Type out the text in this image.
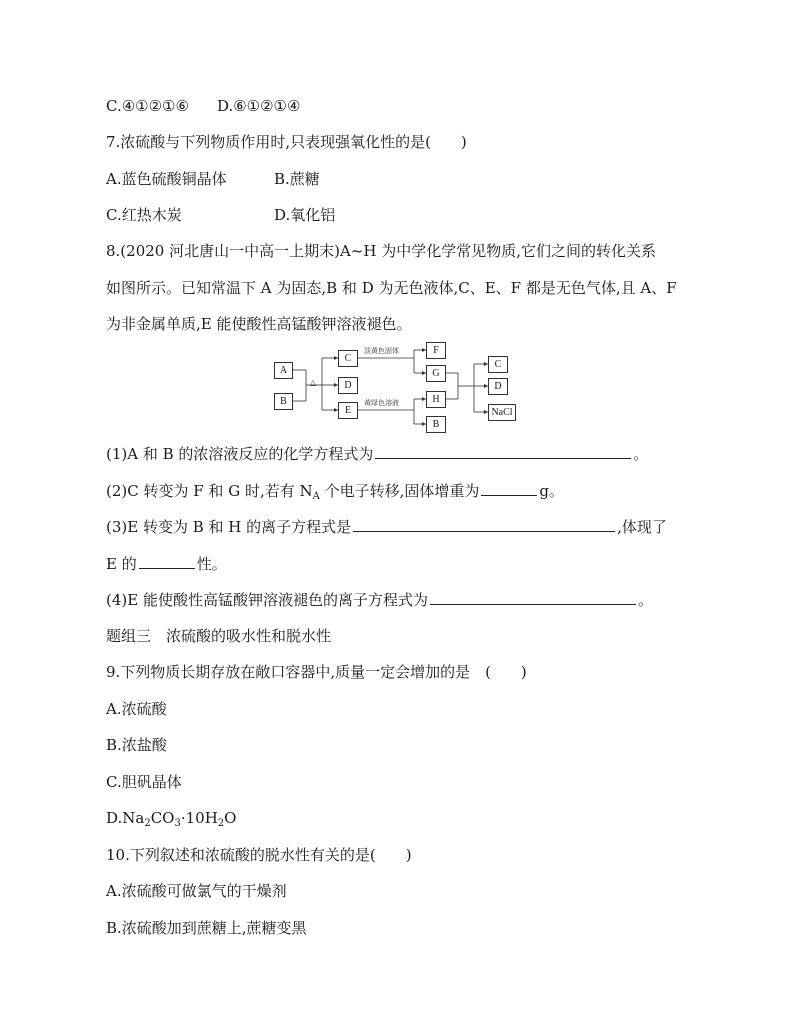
C.④①②①⑥ D.⑥①②①④
7.浓硫酸与下列物质作用时,只表现强氧化性的是(　　)
A.蓝色硫酸铜晶体	B.蔗糖
C.红热木炭	D.氧化铝
8.(2020 河北唐山一中高一上期末)A~H 为中学化学常见物质,它们之间的转化关系
如图所示。已知常温下 A 为固态,B 和 D 为无色液体,C、E、F 都是无色气体,且 A、F
为非金属单质,E 能使酸性高锰酸钾溶液褪色。
A
B
△
C
D
E
淡黄色固体
黄绿色溶液
F
G
H
B
C
D
NaCl
(1)A 和 B 的浓溶液反应的化学方程式为	。
(2)C 转变为 F 和 G 时,若有 $N_A$ 个电子转移,固体增重为	g。
(3)E 转变为 B 和 H 的离子方程式是	,体现了
E 的	性。
(4)E 能使酸性高锰酸钾溶液褪色的离子方程式为	。
题组三　浓硫酸的吸水性和脱水性
9.下列物质长期存放在敞口容器中,质量一定会增加的是　(　　)
A.浓硫酸
B.浓盐酸
C.胆矾晶体
$D.Na_2CO_3\cdot 10H_2O$
10.下列叙述和浓硫酸的脱水性有关的是(　　)
A.浓硫酸可做氯气的干燥剂
B.浓硫酸加到蔗糖上,蔗糖变黑
